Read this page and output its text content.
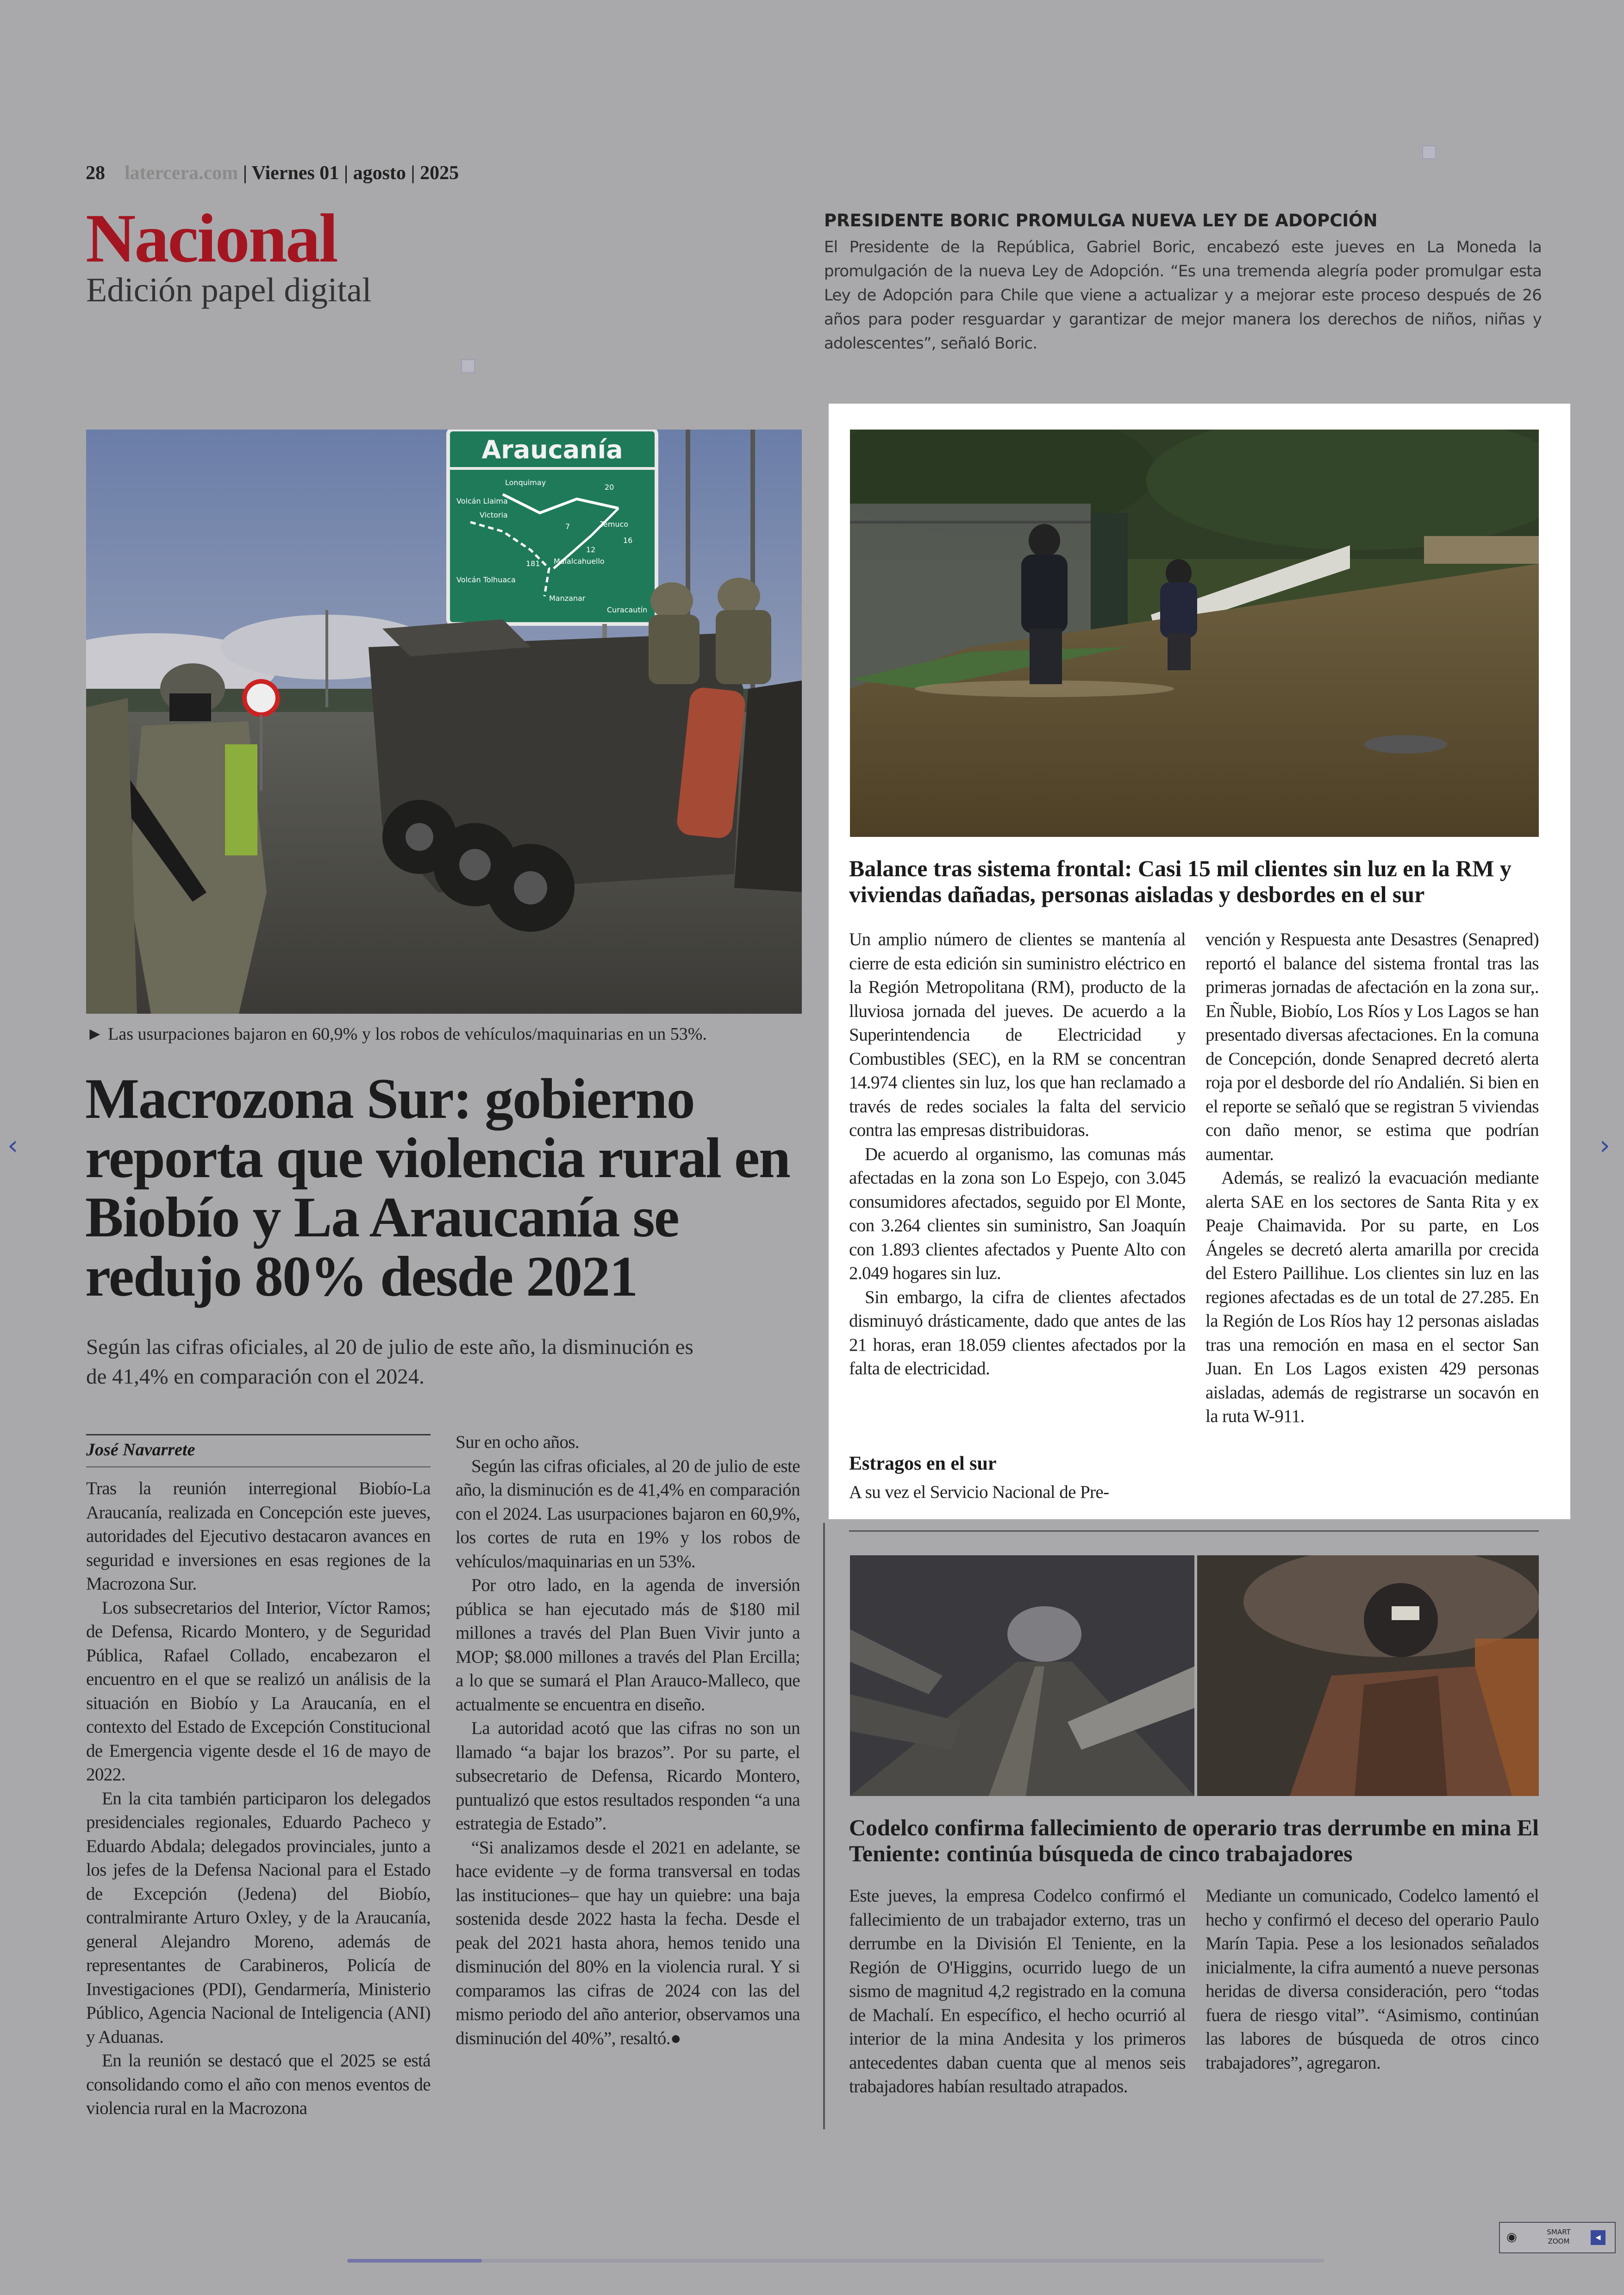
28 latercera.com | Viernes 01 | agosto | 2025
Nacional
Edición papel digital
PRESIDENTE BORIC PROMULGA NUEVA LEY DE ADOPCIÓN
El Presidente de la República, Gabriel Boric, encabezó este jueves en La Moneda la promulgación de la nueva Ley de Adopción. “Es una tremenda alegría poder promulgar esta Ley de Adopción para Chile que viene a actualizar y a mejorar este proceso después de 26 años para poder resguardar y garantizar de mejor manera los derechos de niños, niñas y adolescentes”, señaló Boric.
Araucanía
Lonquimay
Victoria
Temuco
Malalcahuello
Manzanar
Curacautín
Volcán Tolhuaca
Volcán Llaima
20
12
181
7
16
► Las usurpaciones bajaron en 60,9% y los robos de vehículos/maquinarias en un 53%.
Macrozona Sur: gobierno reporta que violencia rural en Biobío y La Araucanía se redujo 80% desde 2021
Según las cifras oficiales, al 20 de julio de este año, la disminución es de 41,4% en comparación con el 2024.
José Navarrete

Tras la reunión interregional Biobío-La Araucanía, realizada en Concepción este jueves, autoridades del Ejecutivo destacaron avances en seguridad e inversiones en esas regiones de la Macrozona Sur.

Los subsecretarios del Interior, Víctor Ramos; de Defensa, Ricardo Montero, y de Seguridad Pública, Rafael Collado, encabezaron el encuentro en el que se realizó un análisis de la situación en Biobío y La Araucanía, en el contexto del Estado de Excepción Constitucional de Emergencia vigente desde el 16 de mayo de 2022.

En la cita también participaron los delegados presidenciales regionales, Eduardo Pacheco y Eduardo Abdala; delegados provinciales, junto a los jefes de la Defensa Nacional para el Estado de Excepción (Jedena) del Biobío, contralmirante Arturo Oxley, y de la Araucanía, general Alejandro Moreno, además de representantes de Carabineros, Policía de Investigaciones (PDI), Gendarmería, Ministerio Público, Agencia Nacional de Inteligencia (ANI) y Aduanas.

En la reunión se destacó que el 2025 se está consolidando como el año con menos eventos de violencia rural en la Macrozona

Sur en ocho años.

Según las cifras oficiales, al 20 de julio de este año, la disminución es de 41,4% en comparación con el 2024. Las usurpaciones bajaron en 60,9%, los cortes de ruta en 19% y los robos de vehículos/maquinarias en un 53%.

Por otro lado, en la agenda de inversión pública se han ejecutado más de $180 mil millones a través del Plan Buen Vivir junto a MOP; $8.000 millones a través del Plan Ercilla; a lo que se sumará el Plan Arauco-Malleco, que actualmente se encuentra en diseño.

La autoridad acotó que las cifras no son un llamado “a bajar los brazos”. Por su parte, el subsecretario de Defensa, Ricardo Montero, puntualizó que estos resultados responden “a una estrategia de Estado”.

“Si analizamos desde el 2021 en adelante, se hace evidente –y de forma transversal en todas las instituciones– que hay un quiebre: una baja sostenida desde 2022 hasta la fecha. Desde el peak del 2021 hasta ahora, hemos tenido una disminución del 80% en la violencia rural. Y si comparamos las cifras de 2024 con las del mismo periodo del año anterior, observamos una disminución del 40%”, resaltó.●

Balance tras sistema frontal: Casi 15 mil clientes sin luz en la RM y viviendas dañadas, personas aisladas y desbordes en el sur

Un amplio número de clientes se mantenía al cierre de esta edición sin suministro eléctrico en la Región Metropolitana (RM), producto de la lluviosa jornada del jueves. De acuerdo a la Superintendencia de Electricidad y Combustibles (SEC), en la RM se concentran 14.974 clientes sin luz, los que han reclamado a través de redes sociales la falta del servicio contra las empresas distribuidoras.

De acuerdo al organismo, las comunas más afectadas en la zona son Lo Espejo, con 3.045 consumidores afectados, seguido por El Monte, con 3.264 clientes sin suministro, San Joaquín con 1.893 clientes afectados y Puente Alto con 2.049 hogares sin luz.

Sin embargo, la cifra de clientes afectados disminuyó drásticamente, dado que antes de las 21 horas, eran 18.059 clientes afectados por la falta de electricidad.

Estragos en el sur

A su vez el Servicio Nacional de Pre-

vención y Respuesta ante Desastres (Senapred) reportó el balance del sistema frontal tras las primeras jornadas de afectación en la zona sur,. En Ñuble, Biobío, Los Ríos y Los Lagos se han presentado diversas afectaciones. En la comuna de Concepción, donde Senapred decretó alerta roja por el desborde del río Andalién. Si bien en el reporte se señaló que se registran 5 viviendas con daño menor, se estima que podrían aumentar.

Además, se realizó la evacuación mediante alerta SAE en los sectores de Santa Rita y ex Peaje Chaimavida. Por su parte, en Los Ángeles se decretó alerta amarilla por crecida del Estero Paillihue. Los clientes sin luz en las regiones afectadas es de un total de 27.285. En la Región de Los Ríos hay 12 personas aisladas tras una remoción en masa en el sector San Juan. En Los Lagos existen 429 personas aisladas, además de registrarse un socavón en la ruta W-911.

Codelco confirma fallecimiento de operario tras derrumbe en mina El Teniente: continúa búsqueda de cinco trabajadores

Este jueves, la empresa Codelco confirmó el fallecimiento de un trabajador externo, tras un derrumbe en la División El Teniente, en la Región de O'Higgins, ocurrido luego de un sismo de magnitud 4,2 registrado en la comuna de Machalí. En específico, el hecho ocurrió al interior de la mina Andesita y los primeros antecedentes daban cuenta que al menos seis trabajadores habían resultado atrapados.

Mediante un comunicado, Codelco lamentó el hecho y confirmó el deceso del operario Paulo Marín Tapia. Pese a los lesionados señalados inicialmente, la cifra aumentó a nueve personas heridas de diversa consideración, pero “todas fuera de riesgo vital”. “Asimismo, continúan las labores de búsqueda de otros cinco trabajadores”, agregaron.

‹	›
◉	SMART ZOOM	◂
